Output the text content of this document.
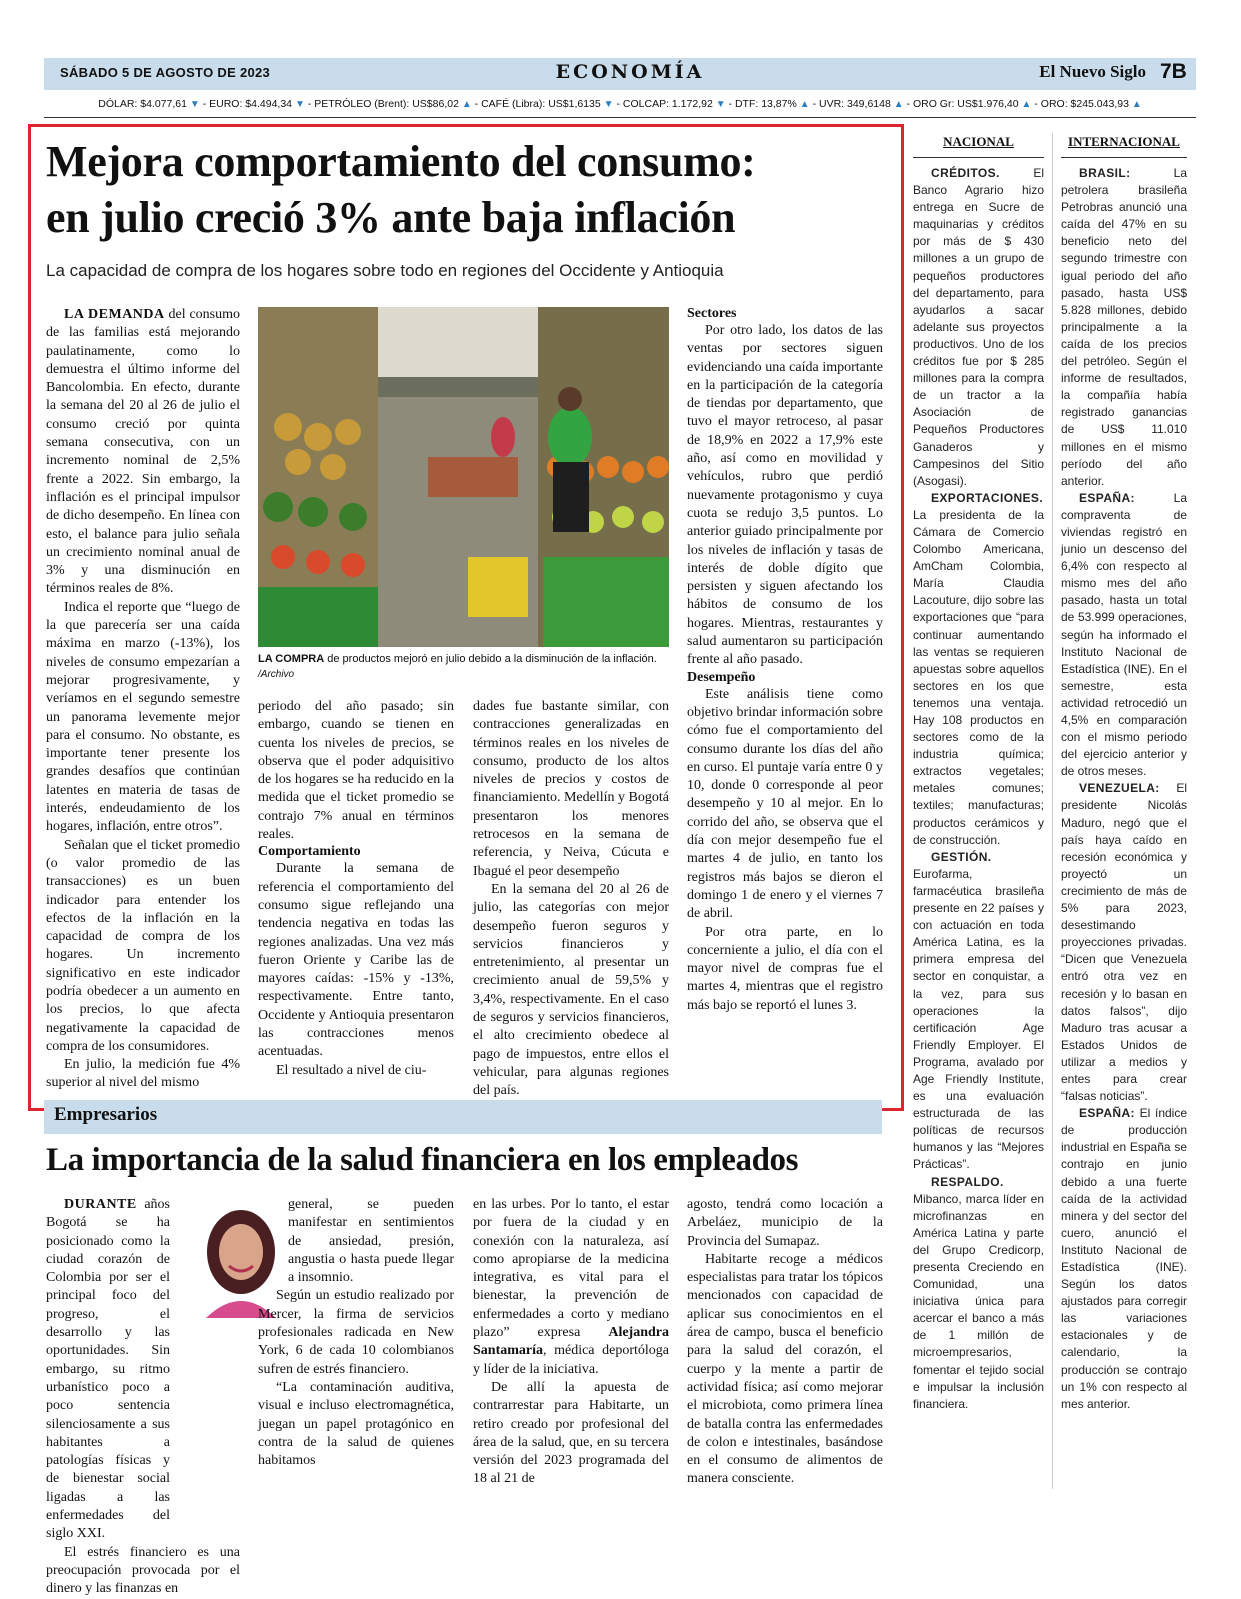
SÁBADO 5 DE AGOSTO DE 2023	ECONOMÍA	El Nuevo Siglo 7B
DÓLAR: $4.077,61 ▼ - EURO: $4.494,34 ▼ - PETRÓLEO (Brent): US$86,02 ▲ - CAFÉ (Libra): US$1,6135 ▼ - COLCAP: 1.172,92 ▼ - DTF: 13,87% ▲ - UVR: 349,6148 ▲ - ORO Gr: US$1.976,40 ▲ - ORO: $245.043,93 ▲
Mejora comportamiento del consumo:
en julio creció 3% ante baja inflación
La capacidad de compra de los hogares sobre todo en regiones del Occidente y Antioquia

LA DEMANDA del consumo de las familias está mejorando paulatinamente, como lo demuestra el último informe del Bancolombia. En efecto, durante la semana del 20 al 26 de julio el consumo creció por quinta semana consecutiva, con un incremento nominal de 2,5% frente a 2022. Sin embargo, la inflación es el principal impulsor de dicho desempeño. En línea con esto, el balance para julio señala un crecimiento nominal anual de 3% y una disminución en términos reales de 8%.

Indica el reporte que “luego de la que parecería ser una caída máxima en marzo (-13%), los niveles de consumo empezarían a mejorar progresivamente, y veríamos en el segundo semestre un panorama levemente mejor para el consumo. No obstante, es importante tener presente los grandes desafíos que continúan latentes en materia de tasas de interés, endeudamiento de los hogares, inflación, entre otros”.

Señalan que el ticket promedio (o valor promedio de las transacciones) es un buen indicador para entender los efectos de la inflación en la capacidad de compra de los hogares. Un incremento significativo en este indicador podría obedecer a un aumento en los precios, lo que afecta negativamente la capacidad de compra de los consumidores.

En julio, la medición fue 4% superior al nivel del mismo

LA COMPRA de productos mejoró en julio debido a la disminución de la inflación. /Archivo

periodo del año pasado; sin embargo, cuando se tienen en cuenta los niveles de precios, se observa que el poder adquisitivo de los hogares se ha reducido en la medida que el ticket promedio se contrajo 7% anual en términos reales.

Comportamiento

Durante la semana de referencia el comportamiento del consumo sigue reflejando una tendencia negativa en todas las regiones analizadas. Una vez más fueron Oriente y Caribe las de mayores caídas: -15% y -13%, respectivamente. Entre tanto, Occidente y Antioquia presentaron las contracciones menos acentuadas.

El resultado a nivel de ciu-

dades fue bastante similar, con contracciones generalizadas en términos reales en los niveles de consumo, producto de los altos niveles de precios y costos de financiamiento. Medellín y Bogotá presentaron los menores retrocesos en la semana de referencia, y Neiva, Cúcuta e Ibagué el peor desempeño

En la semana del 20 al 26 de julio, las categorías con mejor desempeño fueron seguros y servicios financieros y entretenimiento, al presentar un crecimiento anual de 59,5% y 3,4%, respectivamente. En el caso de seguros y servicios financieros, el alto crecimiento obedece al pago de impuestos, entre ellos el vehicular, para algunas regiones del país.

Sectores

Por otro lado, los datos de las ventas por sectores siguen evidenciando una caída importante en la participación de la categoría de tiendas por departamento, que tuvo el mayor retroceso, al pasar de 18,9% en 2022 a 17,9% este año, así como en movilidad y vehículos, rubro que perdió nuevamente protagonismo y cuya cuota se redujo 3,5 puntos. Lo anterior guiado principalmente por los niveles de inflación y tasas de interés de doble dígito que persisten y siguen afectando los hábitos de consumo de los hogares. Mientras, restaurantes y salud aumentaron su participación frente al año pasado.

Desempeño

Este análisis tiene como objetivo brindar información sobre cómo fue el comportamiento del consumo durante los días del año en curso. El puntaje varía entre 0 y 10, donde 0 corresponde al peor desempeño y 10 al mejor. En lo corrido del año, se observa que el día con mejor desempeño fue el martes 4 de julio, en tanto los registros más bajos se dieron el domingo 1 de enero y el viernes 7 de abril.

Por otra parte, en lo concerniente a julio, el día con el mayor nivel de compras fue el martes 4, mientras que el registro más bajo se reportó el lunes 3.

NACIONAL	INTERNACIONAL

CRÉDITOS. El Banco Agrario hizo entrega en Sucre de maquinarias y créditos por más de $ 430 millones a un grupo de pequeños productores del departamento, para ayudarlos a sacar adelante sus proyectos productivos. Uno de los créditos fue por $ 285 millones para la compra de un tractor a la Asociación de Pequeños Productores Ganaderos y Campesinos del Sitio (Asogasi).

EXPORTACIONES. La presidenta de la Cámara de Comercio Colombo Americana, AmCham Colombia, María Claudia Lacouture, dijo sobre las exportaciones que “para continuar aumentando las ventas se requieren apuestas sobre aquellos sectores en los que tenemos una ventaja. Hay 108 productos en sectores como de la industria química; extractos vegetales; metales comunes; textiles; manufacturas; productos cerámicos y de construcción.

GESTIÓN. Eurofarma, farmacéutica brasileña presente en 22 países y con actuación en toda América Latina, es la primera empresa del sector en conquistar, a la vez, para sus operaciones la certificación Age Friendly Employer. El Programa, avalado por Age Friendly Institute, es una evaluación estructurada de las políticas de recursos humanos y las “Mejores Prácticas”.

RESPALDO. Mibanco, marca líder en microfinanzas en América Latina y parte del Grupo Credicorp, presenta Creciendo en Comunidad, una iniciativa única para acercar el banco a más de 1 millón de microempresarios, fomentar el tejido social e impulsar la inclusión financiera.

BRASIL: La petrolera brasileña Petrobras anunció una caída del 47% en su beneficio neto del segundo trimestre con igual periodo del año pasado, hasta US$ 5.828 millones, debido principalmente a la caída de los precios del petróleo. Según el informe de resultados, la compañía había registrado ganancias de US$ 11.010 millones en el mismo período del año anterior.

ESPAÑA: La compraventa de viviendas registró en junio un descenso del 6,4% con respecto al mismo mes del año pasado, hasta un total de 53.999 operaciones, según ha informado el Instituto Nacional de Estadística (INE). En el semestre, esta actividad retrocedió un 4,5% en comparación con el mismo periodo del ejercicio anterior y de otros meses.

VENEZUELA: El presidente Nicolás Maduro, negó que el país haya caído en recesión económica y proyectó un crecimiento de más de 5% para 2023, desestimando proyecciones privadas. “Dicen que Venezuela entró otra vez en recesión y lo basan en datos falsos”, dijo Maduro tras acusar a Estados Unidos de utilizar a medios y entes para crear “falsas noticias”.

ESPAÑA: El índice de producción industrial en España se contrajo en junio debido a una fuerte caída de la actividad minera y del sector del cuero, anunció el Instituto Nacional de Estadística (INE). Según los datos ajustados para corregir las variaciones estacionales y de calendario, la producción se contrajo un 1% con respecto al mes anterior.

Empresarios
La importancia de la salud financiera en los empleados

DURANTE años Bogotá se ha posicionado como la ciudad corazón de Colombia por ser el principal foco del progreso, el desarrollo y las oportunidades. Sin embargo, su ritmo urbanístico poco a poco sentencia silenciosamente a sus habitantes a patologías físicas y de bienestar social ligadas a las enfermedades del siglo XXI.

El estrés financiero es una preocupación provocada por el dinero y las finanzas en

general, se pueden manifestar en sentimientos de ansiedad, presión, angustia o hasta puede llegar a insomnio.

Según un estudio realizado por Mercer, la firma de servicios profesionales radicada en New York, 6 de cada 10 colombianos sufren de estrés financiero.

“La contaminación auditiva, visual e incluso electromagnética, juegan un papel protagónico en contra de la salud de quienes habitamos

en las urbes. Por lo tanto, el estar por fuera de la ciudad y en conexión con la naturaleza, así como apropiarse de la medicina integrativa, es vital para el bienestar, la prevención de enfermedades a corto y mediano plazo” expresa Alejandra Santamaría, médica deportóloga y líder de la iniciativa.

De allí la apuesta de contrarrestar para Habitarte, un retiro creado por profesional del área de la salud, que, en su tercera versión del 2023 programada del 18 al 21 de

agosto, tendrá como locación a Arbeláez, municipio de la Provincia del Sumapaz.

Habitarte recoge a médicos especialistas para tratar los tópicos mencionados con capacidad de aplicar sus conocimientos en el área de campo, busca el beneficio para la salud del corazón, el cuerpo y la mente a partir de actividad física; así como mejorar el microbiota, como primera línea de batalla contra las enfermedades de colon e intestinales, basándose en el consumo de alimentos de manera consciente.
